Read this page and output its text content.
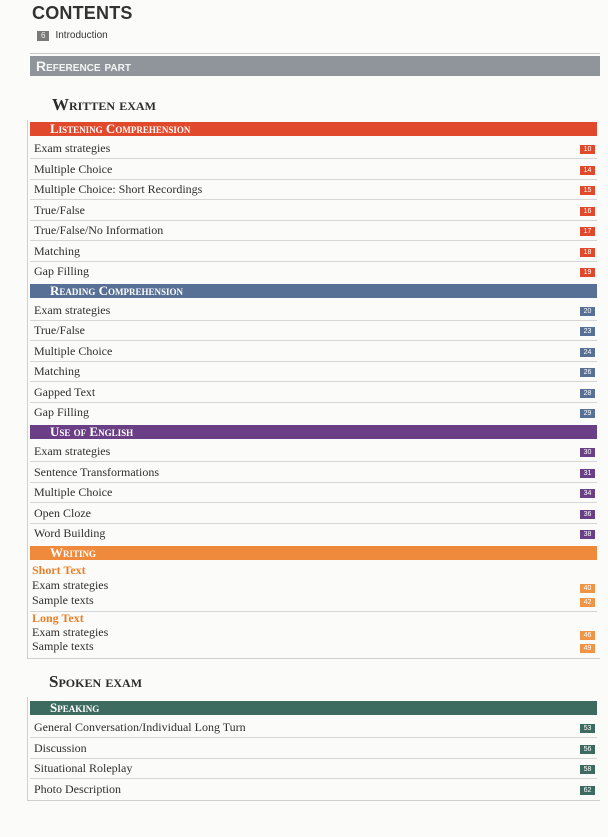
CONTENTS
6 Introduction
Reference part
Written exam
Listening Comprehension
Exam strategies	10
Multiple Choice	14
Multiple Choice: Short Recordings	15
True/False	16
True/False/No Information	17
Matching	18
Gap Filling	19
Reading Comprehension
Exam strategies	20
True/False	23
Multiple Choice	24
Matching	26
Gapped Text	28
Gap Filling	29
Use of English
Exam strategies	30
Sentence Transformations	31
Multiple Choice	34
Open Cloze	36
Word Building	38
Writing
Short Text
Exam strategies	40
Sample texts	42
Long Text
Exam strategies	46
Sample texts	49
Spoken exam
Speaking
General Conversation/Individual Long Turn	53
Discussion	56
Situational Roleplay	58
Photo Description	62
